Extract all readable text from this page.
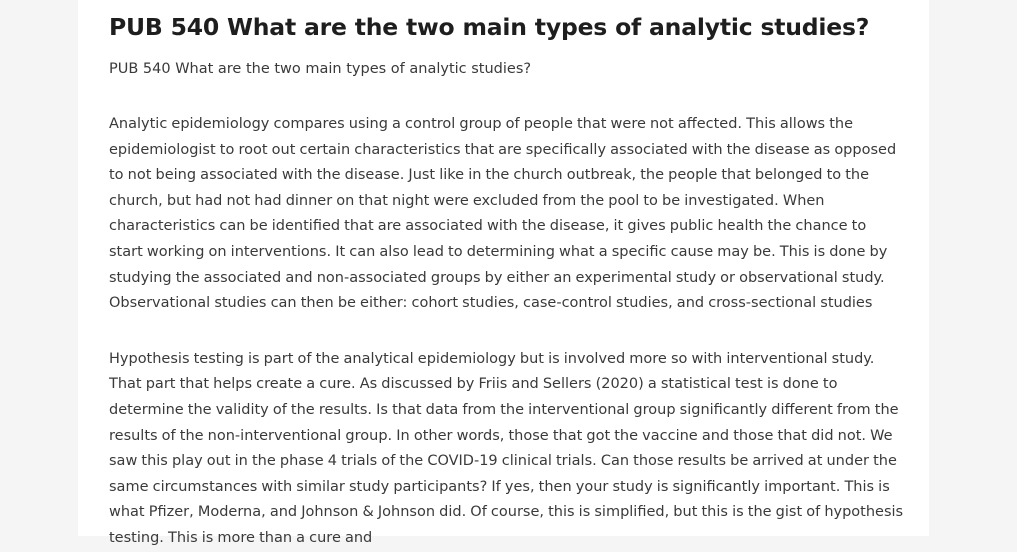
PUB 540 What are the two main types of analytic studies?

PUB 540 What are the two main types of analytic studies?

Analytic epidemiology compares using a control group of people that were not affected. This allows the epidemiologist to root out certain characteristics that are specifically associated with the disease as opposed to not being associated with the disease. Just like in the church outbreak, the people that belonged to the church, but had not had dinner on that night were excluded from the pool to be investigated. When characteristics can be identified that are associated with the disease, it gives public health the chance to start working on interventions. It can also lead to determining what a specific cause may be. This is done by studying the associated and non-associated groups by either an experimental study or observational study. Observational studies can then be either: cohort studies, case-control studies, and cross-sectional studies

Hypothesis testing is part of the analytical epidemiology but is involved more so with interventional study. That part that helps create a cure. As discussed by Friis and Sellers (2020) a statistical test is done to determine the validity of the results. Is that data from the interventional group significantly different from the results of the non-interventional group. In other words, those that got the vaccine and those that did not. We saw this play out in the phase 4 trials of the COVID-19 clinical trials. Can those results be arrived at under the same circumstances with similar study participants? If yes, then your study is significantly important. This is what Pfizer, Moderna, and Johnson & Johnson did. Of course, this is simplified, but this is the gist of hypothesis testing. This is more than a cure and
